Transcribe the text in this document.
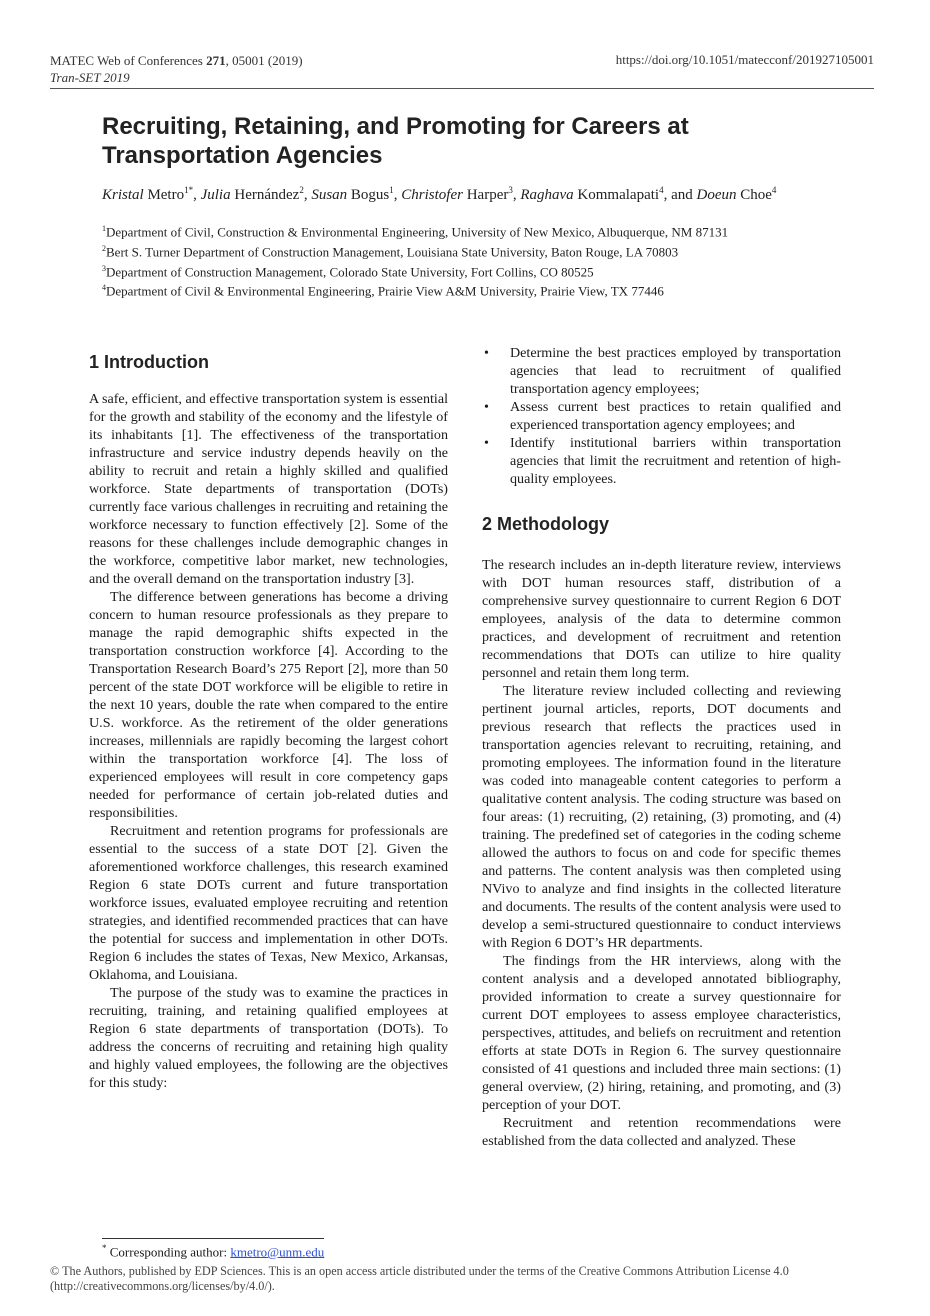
MATEC Web of Conferences 271, 05001 (2019)
Tran-SET 2019
https://doi.org/10.1051/matecconf/201927105001
Recruiting, Retaining, and Promoting for Careers at Transportation Agencies
Kristal Metro$^{1*}$, Julia Hernández$^2$, Susan Bogus$^1$, Christofer Harper$^3$, Raghava Kommalapati$^4$, and Doeun Choe$^4$
$^1$Department of Civil, Construction & Environmental Engineering, University of New Mexico, Albuquerque, NM 87131
$^2$Bert S. Turner Department of Construction Management, Louisiana State University, Baton Rouge, LA 70803
$^3$Department of Construction Management, Colorado State University, Fort Collins, CO 80525
$^4$Department of Civil & Environmental Engineering, Prairie View A&M University, Prairie View, TX 77446
1 Introduction

A safe, efficient, and effective transportation system is essential for the growth and stability of the economy and the lifestyle of its inhabitants [1]. The effectiveness of the transportation infrastructure and service industry depends heavily on the ability to recruit and retain a highly skilled and qualified workforce. State departments of transportation (DOTs) currently face various challenges in recruiting and retaining the workforce necessary to function effectively [2]. Some of the reasons for these challenges include demographic changes in the workforce, competitive labor market, new technologies, and the overall demand on the transportation industry [3].

The difference between generations has become a driving concern to human resource professionals as they prepare to manage the rapid demographic shifts expected in the transportation construction workforce [4]. According to the Transportation Research Board’s 275 Report [2], more than 50 percent of the state DOT workforce will be eligible to retire in the next 10 years, double the rate when compared to the entire U.S. workforce. As the retirement of the older generations increases, millennials are rapidly becoming the largest cohort within the transportation workforce [4]. The loss of experienced employees will result in core competency gaps needed for performance of certain job-related duties and responsibilities.

Recruitment and retention programs for professionals are essential to the success of a state DOT [2]. Given the aforementioned workforce challenges, this research examined Region 6 state DOTs current and future transportation workforce issues, evaluated employee recruiting and retention strategies, and identified recommended practices that can have the potential for success and implementation in other DOTs. Region 6 includes the states of Texas, New Mexico, Arkansas, Oklahoma, and Louisiana.

The purpose of the study was to examine the practices in recruiting, training, and retaining qualified employees at Region 6 state departments of transportation (DOTs). To address the concerns of recruiting and retaining high quality and highly valued employees, the following are the objectives for this study:

• Determine the best practices employed by transportation agencies that lead to recruitment of qualified transportation agency employees;
• Assess current best practices to retain qualified and experienced transportation agency employees; and
• Identify institutional barriers within transportation agencies that limit the recruitment and retention of high-quality employees.
2 Methodology

The research includes an in-depth literature review, interviews with DOT human resources staff, distribution of a comprehensive survey questionnaire to current Region 6 DOT employees, analysis of the data to determine common practices, and development of recruitment and retention recommendations that DOTs can utilize to hire quality personnel and retain them long term.

The literature review included collecting and reviewing pertinent journal articles, reports, DOT documents and previous research that reflects the practices used in transportation agencies relevant to recruiting, retaining, and promoting employees. The information found in the literature was coded into manageable content categories to perform a qualitative content analysis. The coding structure was based on four areas: (1) recruiting, (2) retaining, (3) promoting, and (4) training. The predefined set of categories in the coding scheme allowed the authors to focus on and code for specific themes and patterns. The content analysis was then completed using NVivo to analyze and find insights in the collected literature and documents. The results of the content analysis were used to develop a semi-structured questionnaire to conduct interviews with Region 6 DOT’s HR departments.

The findings from the HR interviews, along with the content analysis and a developed annotated bibliography, provided information to create a survey questionnaire for current DOT employees to assess employee characteristics, perspectives, attitudes, and beliefs on recruitment and retention efforts at state DOTs in Region 6. The survey questionnaire consisted of 41 questions and included three main sections: (1) general overview, (2) hiring, retaining, and promoting, and (3) perception of your DOT.

Recruitment and retention recommendations were established from the data collected and analyzed. These

* Corresponding author: kmetro@unm.edu
© The Authors, published by EDP Sciences. This is an open access article distributed under the terms of the Creative Commons Attribution License 4.0 (http://creativecommons.org/licenses/by/4.0/).
